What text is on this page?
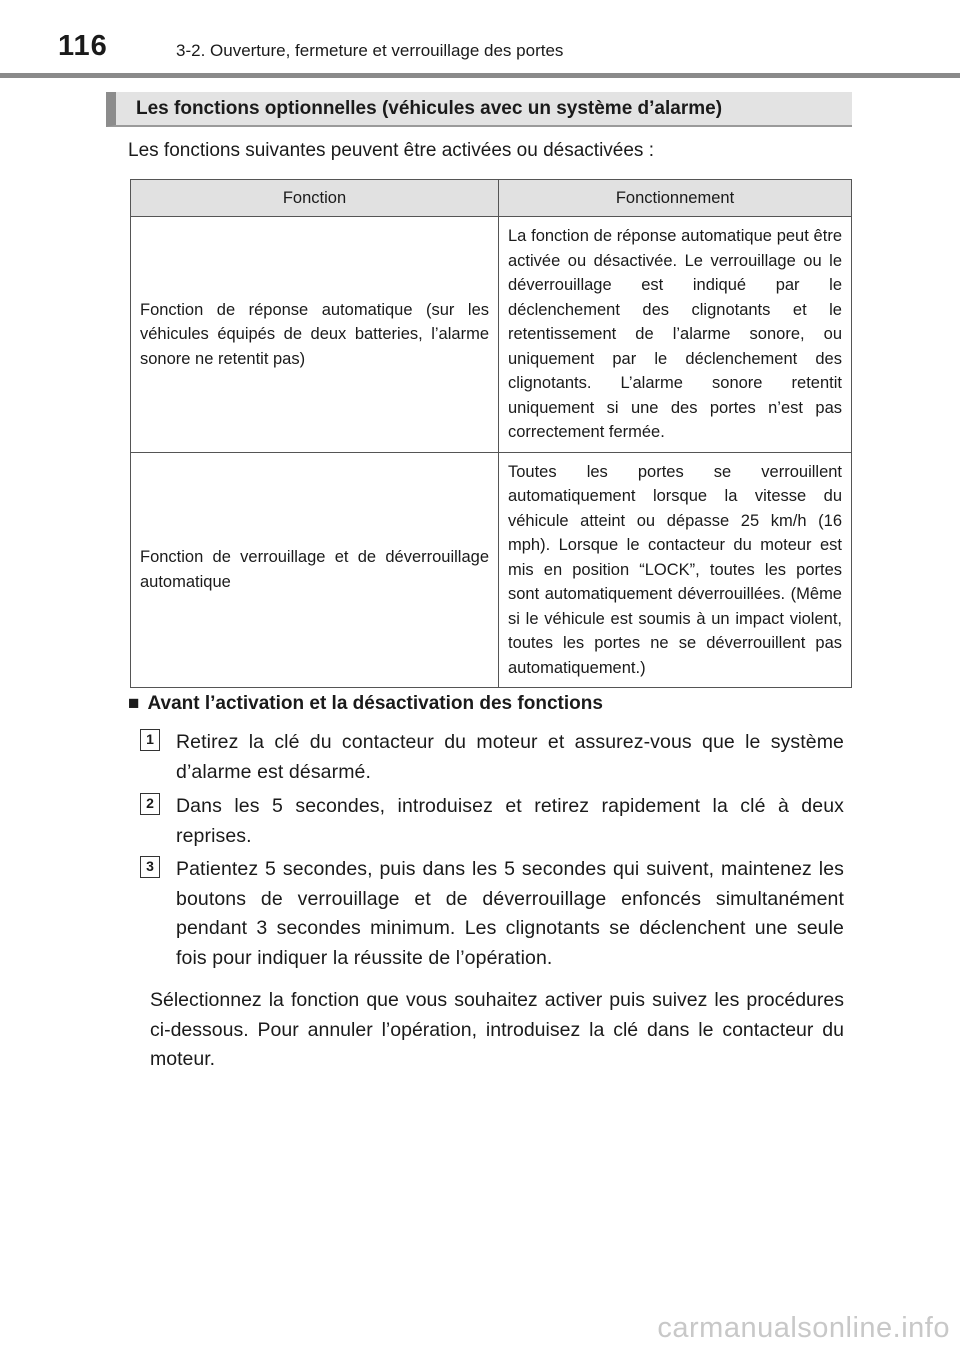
116	3-2. Ouverture, fermeture et verrouillage des portes
Les fonctions optionnelles (véhicules avec un système d’alarme)
Les fonctions suivantes peuvent être activées ou désactivées :
Fonction	Fonctionnement
Fonction de réponse automatique (sur les véhicules équipés de deux batteries, l’alarme sonore ne retentit pas)	La fonction de réponse automatique peut être activée ou désactivée. Le verrouillage ou le déverrouillage est indiqué par le déclenchement des clignotants et le retentissement de l’alarme sonore, ou uniquement par le déclenchement des clignotants. L’alarme sonore retentit uniquement si une des portes n’est pas correctement fermée.
Fonction de verrouillage et de déverrouillage automatique	Toutes les portes se verrouillent automatiquement lorsque la vitesse du véhicule atteint ou dépasse 25 km/h (16 mph). Lorsque le contacteur du moteur est mis en position “LOCK”, toutes les portes sont automatiquement déverrouillées. (Même si le véhicule est soumis à un impact violent, toutes les portes ne se déverrouillent pas automatiquement.)
■ Avant l’activation et la désactivation des fonctions
1	Retirez la clé du contacteur du moteur et assurez-vous que le système d’alarme est désarmé.
2	Dans les 5 secondes, introduisez et retirez rapidement la clé à deux reprises.
3	Patientez 5 secondes, puis dans les 5 secondes qui suivent, maintenez les boutons de verrouillage et de déverrouillage enfoncés simultanément pendant 3 secondes minimum. Les clignotants se déclenchent une seule fois pour indiquer la réussite de l’opération.
Sélectionnez la fonction que vous souhaitez activer puis suivez les procédures ci-dessous. Pour annuler l’opération, introduisez la clé dans le contacteur du moteur.
carmanualsonline.info
